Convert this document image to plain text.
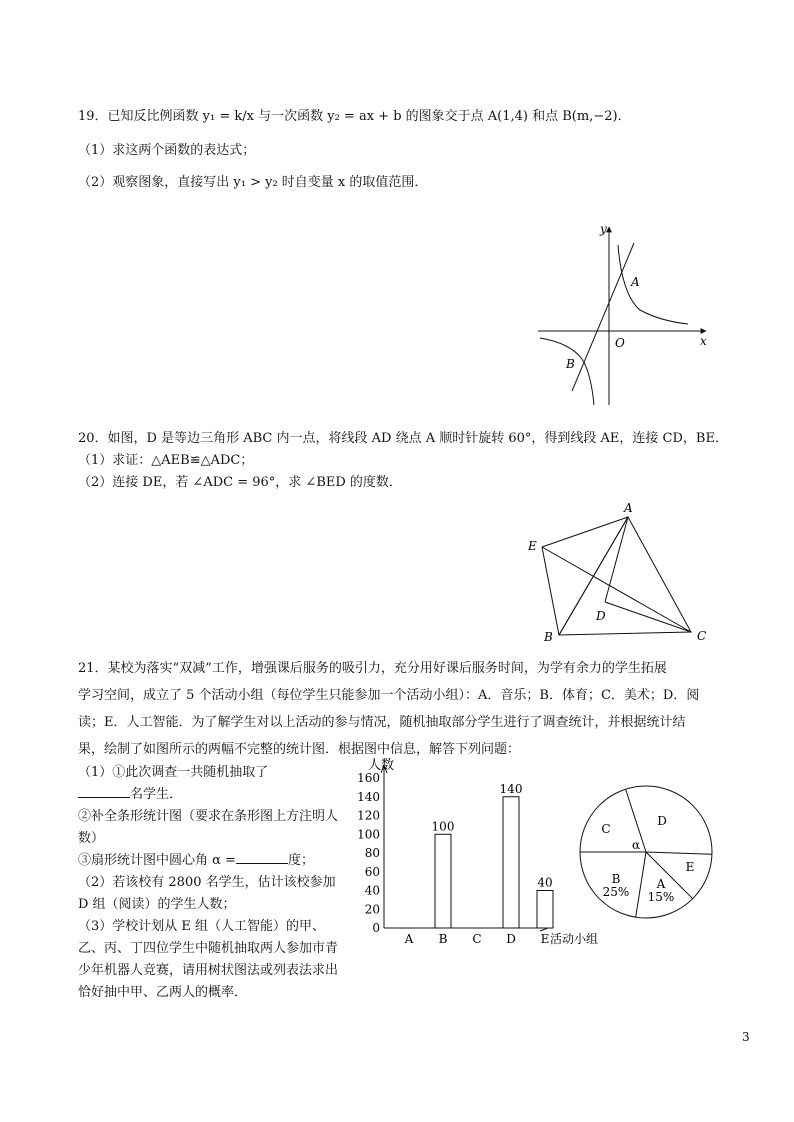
19．已知反比例函数 y₁ = k/x 与一次函数 y₂ = ax + b 的图象交于点 A(1,4) 和点 B(m,−2)．
（1）求这两个函数的表达式；
（2）观察图象，直接写出 y₁ > y₂ 时自变量 x 的取值范围．
y
x
O
A
B
20．如图，D 是等边三角形 ABC 内一点，将线段 AD 绕点 A 顺时针旋转 60°，得到线段 AE，连接 CD，BE．
（1）求证：△AEB≌△ADC；
（2）连接 DE，若 ∠ADC = 96°，求 ∠BED 的度数．
A
B	C
D
E
21．某校为落实“双减”工作，增强课后服务的吸引力，充分用好课后服务时间，为学有余力的学生拓展
学习空间，成立了 5 个活动小组（每位学生只能参加一个活动小组）：A．音乐；B．体育；C．美术；D．阅
读；E．人工智能．为了解学生对以上活动的参与情况，随机抽取部分学生进行了调查统计，并根据统计结
果，绘制了如图所示的两幅不完整的统计图．根据图中信息，解答下列问题：
（1）①此次调查一共随机抽取了
名学生．
②补全条形统计图（要求在条形图上方注明人数）
③扇形统计图中圆心角 α =	度；
（2）若该校有 2800 名学生，估计该校参加 D 组（阅读）的学生人数；
（3）学校计划从 E 组（人工智能）的甲、乙、丙、丁四位学生中随机抽取两人参加市青少年机器人竞赛，请用树状图法或列表法求出恰好抽中甲、乙两人的概率．
人数
活动小组
0
20
40
60
80
100
120
140
160
A B
100
C D
140
E
40
D
E
A
15%
B
25%
C
α
3
